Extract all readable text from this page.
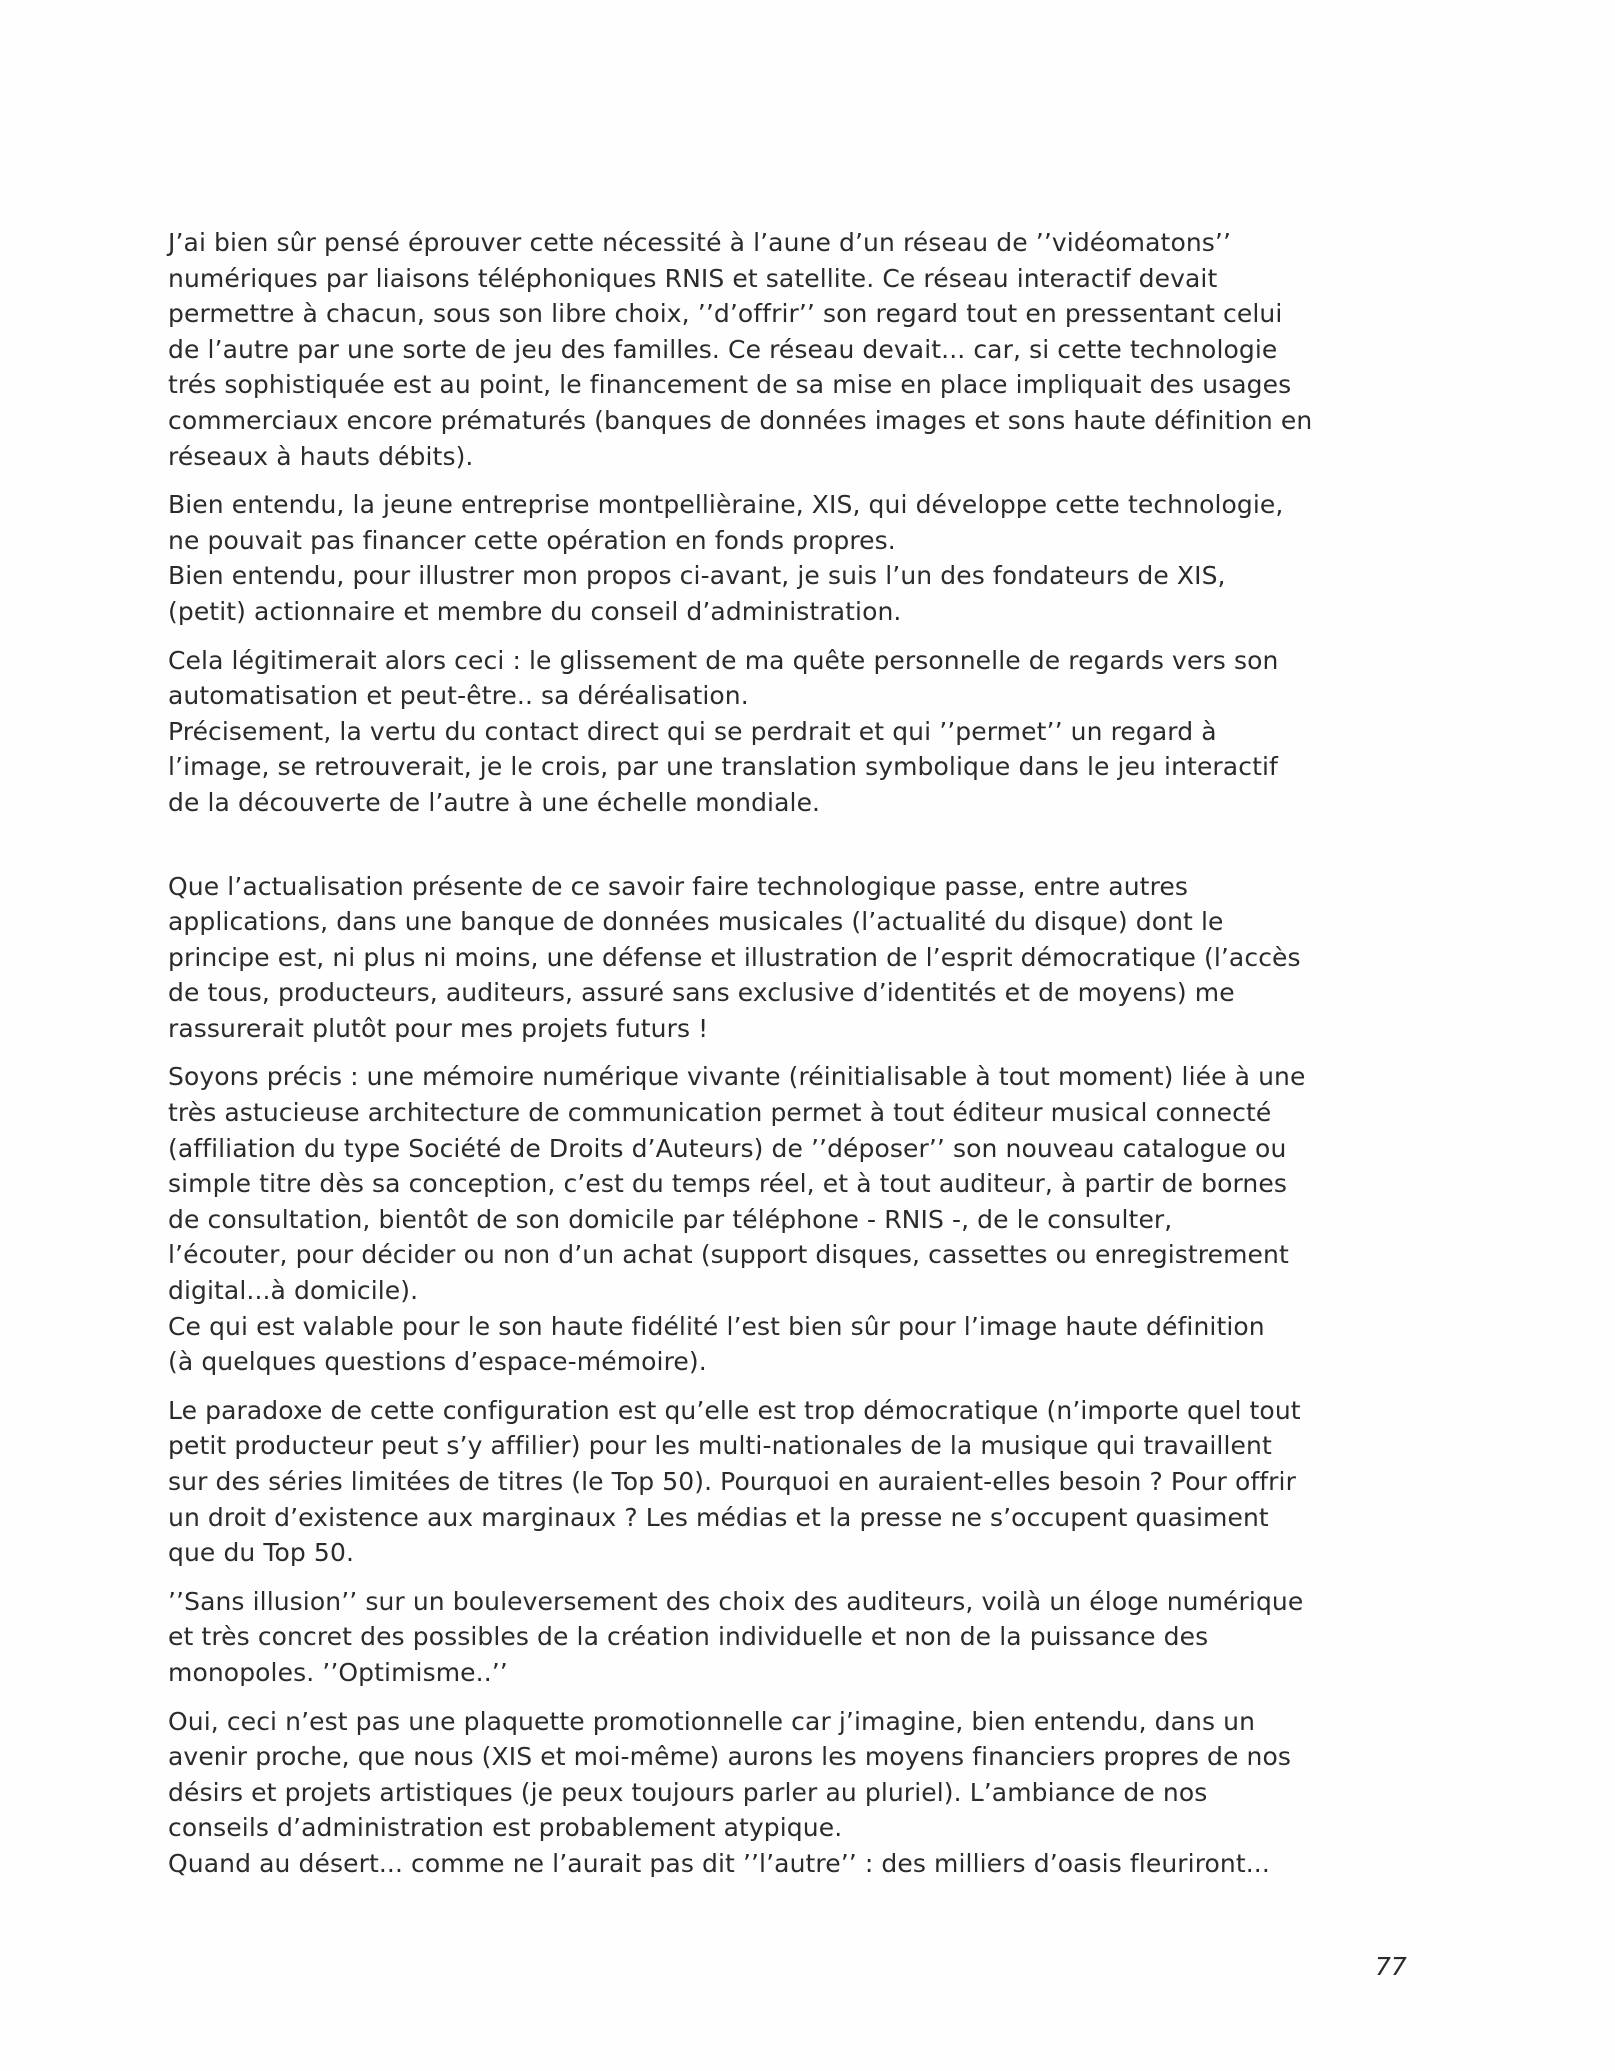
J’ai bien sûr pensé éprouver cette nécessité à l’aune d’un réseau de ’’vidéomatons’’
numériques par liaisons téléphoniques RNIS et satellite. Ce réseau interactif devait
permettre à chacun, sous son libre choix, ’’d’offrir’’ son regard tout en pressentant celui
de l’autre par une sorte de jeu des familles. Ce réseau devait... car, si cette technologie
trés sophistiquée est au point, le financement de sa mise en place impliquait des usages
commerciaux encore prématurés (banques de données images et sons haute définition en
réseaux à hauts débits).

Bien entendu, la jeune entreprise montpellièraine, XIS, qui développe cette technologie,
ne pouvait pas financer cette opération en fonds propres.
Bien entendu, pour illustrer mon propos ci-avant, je suis l’un des fondateurs de XIS,
(petit) actionnaire et membre du conseil d’administration.

Cela légitimerait alors ceci : le glissement de ma quête personnelle de regards vers son
automatisation et peut-être.. sa déréalisation.
Précisement, la vertu du contact direct qui se perdrait et qui ’’permet’’ un regard à
l’image, se retrouverait, je le crois, par une translation symbolique dans le jeu interactif
de la découverte de l’autre à une échelle mondiale.

Que l’actualisation présente de ce savoir faire technologique passe, entre autres
applications, dans une banque de données musicales (l’actualité du disque) dont le
principe est, ni plus ni moins, une défense et illustration de l’esprit démocratique (l’accès
de tous, producteurs, auditeurs, assuré sans exclusive d’identités et de moyens) me
rassurerait plutôt pour mes projets futurs !

Soyons précis : une mémoire numérique vivante (réinitialisable à tout moment) liée à une
très astucieuse architecture de communication permet à tout éditeur musical connecté
(affiliation du type Société de Droits d’Auteurs) de ’’déposer’’ son nouveau catalogue ou
simple titre dès sa conception, c’est du temps réel, et à tout auditeur, à partir de bornes
de consultation, bientôt de son domicile par téléphone - RNIS -, de le consulter,
l’écouter, pour décider ou non d’un achat (support disques, cassettes ou enregistrement
digital...à domicile).
Ce qui est valable pour le son haute fidélité l’est bien sûr pour l’image haute définition
(à quelques questions d’espace-mémoire).

Le paradoxe de cette configuration est qu’elle est trop démocratique (n’importe quel tout
petit producteur peut s’y affilier) pour les multi-nationales de la musique qui travaillent
sur des séries limitées de titres (le Top 50). Pourquoi en auraient-elles besoin ? Pour offrir
un droit d’existence aux marginaux ? Les médias et la presse ne s’occupent quasiment
que du Top 50.

’’Sans illusion’’ sur un bouleversement des choix des auditeurs, voilà un éloge numérique
et très concret des possibles de la création individuelle et non de la puissance des
monopoles. ’’Optimisme..’’

Oui, ceci n’est pas une plaquette promotionnelle car j’imagine, bien entendu, dans un
avenir proche, que nous (XIS et moi-même) aurons les moyens financiers propres de nos
désirs et projets artistiques (je peux toujours parler au pluriel). L’ambiance de nos
conseils d’administration est probablement atypique.
Quand au désert... comme ne l’aurait pas dit ’’l’autre’’ : des milliers d’oasis fleuriront...

77
